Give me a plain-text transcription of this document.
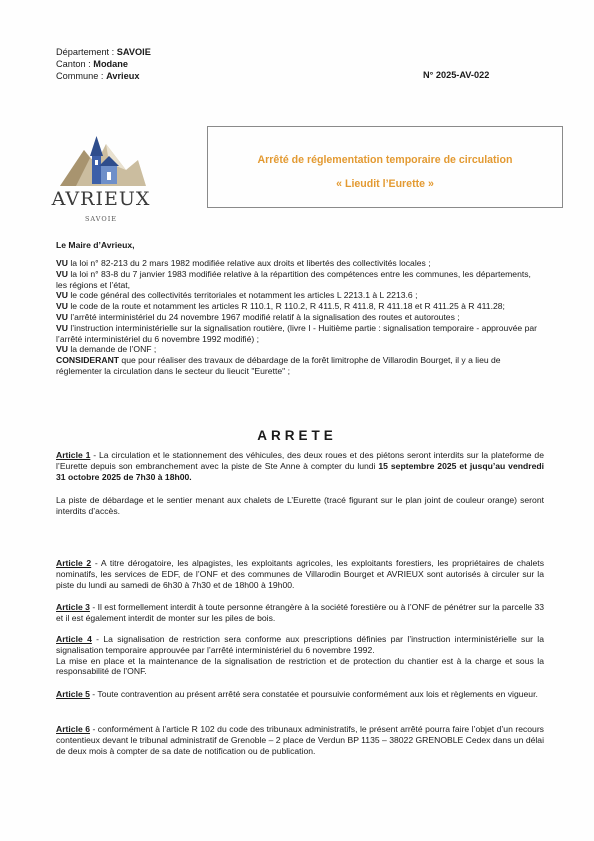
Département : SAVOIE
Canton : Modane
Commune : Avrieux	N° 2025-AV-022
AVRIEUX
SAVOIE
Arrêté de réglementation temporaire de circulation
« Lieudit l’Eurette »
Le Maire d’Avrieux,

VU la loi n° 82-213 du 2 mars 1982 modifiée relative aux droits et libertés des collectivités locales ;

VU la loi n° 83-8 du 7 janvier 1983 modifiée relative à la répartition des compétences entre les communes, les départements, les régions et l’état,

VU le code général des collectivités territoriales et notamment les articles L 2213.1 à L 2213.6 ;

VU le code de la route et notamment les articles R 110.1, R 110.2, R 411.5, R 411.8, R 411.18 et R 411.25 à R 411.28;

VU l’arrêté interministériel du 24 novembre 1967 modifié relatif à la signalisation des routes et autoroutes ;

VU l’instruction interministérielle sur la signalisation routière, (livre I - Huitième partie : signalisation temporaire - approuvée par l’arrêté interministériel du 6 novembre 1992 modifié) ;

VU la demande de l’ONF ;

CONSIDERANT que pour réaliser des travaux de débardage de la forêt limitrophe de Villarodin Bourget, il y a lieu de réglementer la circulation dans le secteur du lieucit "Eurette" ;

ARRETE

Article 1 - La circulation et le stationnement des véhicules, des deux roues et des piétons seront interdits sur la plateforme de l’Eurette depuis son embranchement avec la piste de Ste Anne à compter du lundi 15 septembre 2025 et jusqu’au vendredi 31 octobre 2025 de 7h30 à 18h00.

La piste de débardage et le sentier menant aux chalets de L’Eurette (tracé figurant sur le plan joint de couleur orange) seront interdits d’accès.

Article 2 - A titre dérogatoire, les alpagistes, les exploitants agricoles, les exploitants forestiers, les propriétaires de chalets nominatifs, les services de EDF, de l’ONF et des communes de Villarodin Bourget et AVRIEUX sont autorisés à circuler sur la piste du lundi au samedi de 6h30 à 7h30 et de 18h00 à 19h00.

Article 3 - Il est formellement interdit à toute personne étrangère à la société forestière ou à l’ONF de pénétrer sur la parcelle 33 et il est également interdit de monter sur les piles de bois.

Article 4 - La signalisation de restriction sera conforme aux prescriptions définies par l’instruction interministérielle sur la signalisation temporaire approuvée par l’arrêté interministériel du 6 novembre 1992.

La mise en place et la maintenance de la signalisation de restriction et de protection du chantier est à la charge et sous la responsabilité de l’ONF.

Article 5 - Toute contravention au présent arrêté sera constatée et poursuivie conformément aux lois et règlements en vigueur.

Article 6 - conformément à l’article R 102 du code des tribunaux administratifs, le présent arrêté pourra faire l’objet d’un recours contentieux devant le tribunal administratif de Grenoble – 2 place de Verdun BP 1135 – 38022 GRENOBLE Cedex dans un délai de deux mois à compter de sa date de notification ou de publication.
